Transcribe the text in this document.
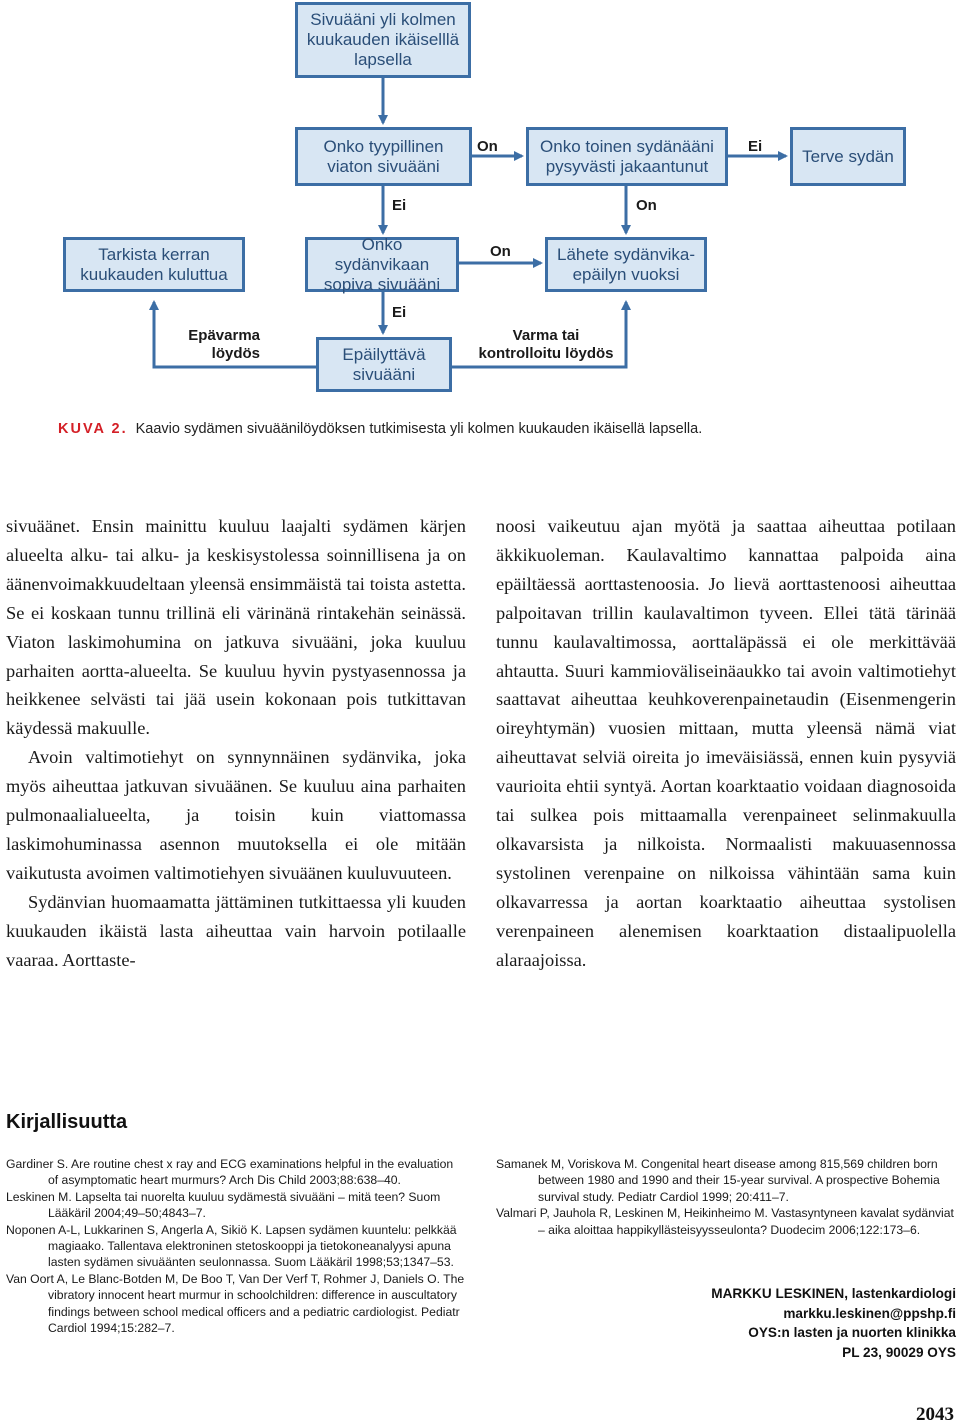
Sivuääni yli kolmen
kuukauden ikäiselllä
lapsella
Onko tyypillinen
viaton sivuääni
Onko toinen sydänääni
pysyvästi jakaantunut
Terve sydän
Tarkista kerran
kuukauden kuluttua
Onko sydänvikaan
sopiva sivuääni
Lähete sydänvika-
epäilyn vuoksi
Epäilyttävä
sivuääni
On	Ei
Ei	On
On
Ei
Epävarma
löydös
Varma tai
kontrolloitu löydös
KUVA 2. Kaavio sydämen sivuäänilöydöksen tutkimisesta yli kolmen kuukauden ikäisellä lapsella.

sivuäänet. Ensin mainittu kuuluu laajalti sydämen kärjen alueelta alku- tai alku- ja keskisystolessa soinnillisena ja on äänenvoimakkuudeltaan yleensä ensimmäistä tai toista astetta. Se ei koskaan tunnu trillinä eli värinänä rintakehän seinässä. Viaton laskimohumina on jatkuva sivuääni, joka kuuluu parhaiten aortta-alueelta. Se kuuluu hyvin pystyasennossa ja heikkenee selvästi tai jää usein kokonaan pois tutkittavan käydessä makuulle.

Avoin valtimotiehyt on synnynnäinen sydänvika, joka myös aiheuttaa jatkuvan sivuäänen. Se kuuluu aina parhaiten pulmonaalialueelta, ja toisin kuin viattomassa laskimohuminassa asennon muutoksella ei ole mitään vaikutusta avoimen valtimotiehyen sivuäänen kuuluvuuteen.

Sydänvian huomaamatta jättäminen tutkittaessa yli kuuden kuukauden ikäistä lasta aiheuttaa vain harvoin potilaalle vaaraa. Aorttaste-

noosi vaikeutuu ajan myötä ja saattaa aiheuttaa potilaan äkkikuoleman. Kaulavaltimo kannattaa palpoida aina epäiltäessä aorttastenoosia. Jo lievä aorttastenoosi aiheuttaa palpoitavan trillin kaulavaltimon tyveen. Ellei tätä tärinää tunnu kaulavaltimossa, aorttaläpässä ei ole merkittävää ahtautta. Suuri kammioväliseinäaukko tai avoin valtimotiehyt saattavat aiheuttaa keuhkoverenpainetaudin (Eisenmengerin oireyhtymän) vuosien mittaan, mutta yleensä nämä viat aiheuttavat selviä oireita jo imeväisiässä, ennen kuin pysyviä vaurioita ehtii syntyä. Aortan koarktaatio voidaan diagnosoida tai sulkea pois mittaamalla verenpaineet selinmakuulla olkavarsista ja nilkoista. Normaalisti makuuasennossa systolinen verenpaine on nilkoissa vähintään sama kuin olkavarressa ja aortan koarktaatio aiheuttaa systolisen verenpaineen alenemisen koarktaation distaalipuolella alaraajoissa.

Kirjallisuutta

Gardiner S. Are routine chest x ray and ECG examinations helpful in the evaluation of asymptomatic heart murmurs? Arch Dis Child 2003;88:638–40.

Leskinen M. Lapselta tai nuorelta kuuluu sydämestä sivuääni – mitä teen? Suom Lääkäril 2004;49–50;4843–7.

Noponen A-L, Lukkarinen S, Angerla A, Sikiö K. Lapsen sydämen kuuntelu: pelkkää magiaako. Tallentava elektroninen stetoskooppi ja tietokoneanalyysi apuna lasten sydämen sivuäänten seulonnassa. Suom Lääkäril 1998;53;1347–53.

Van Oort A, Le Blanc-Botden M, De Boo T, Van Der Verf T, Rohmer J, Daniels O. The vibratory innocent heart murmur in schoolchildren: difference in auscultatory findings between school medical officers and a pediatric cardiologist. Pediatr Cardiol 1994;15:282–7.

Samanek M, Voriskova M. Congenital heart disease among 815,569 children born between 1980 and 1990 and their 15-year survival. A prospective Bohemia survival study. Pediatr Cardiol 1999; 20:411–7.

Valmari P, Jauhola R, Leskinen M, Heikinheimo M. Vastasyntyneen kavalat sydänviat – aika aloittaa happikyllästeisyysseulonta? Duodecim 2006;122:173–6.

MARKKU LESKINEN, lastenkardiologi
markku.leskinen@ppshp.fi
OYS:n lasten ja nuorten klinikka
PL 23, 90029 OYS
2043
